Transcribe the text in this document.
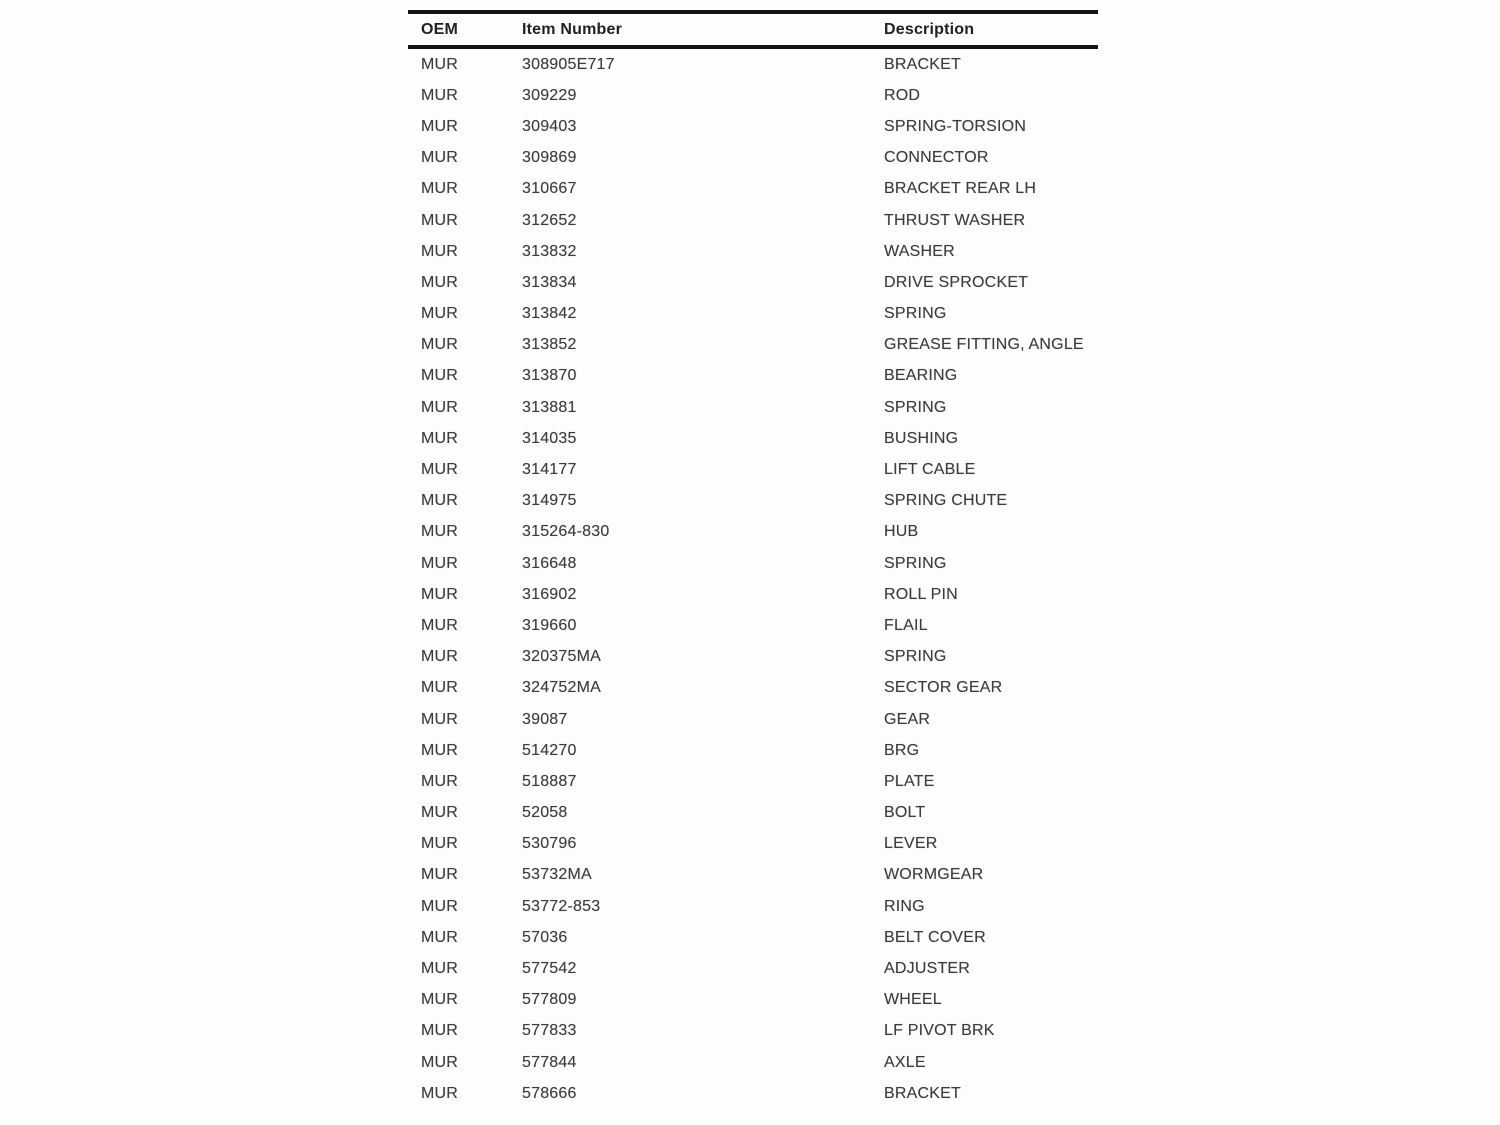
OEM	Item Number	Description
MUR	308905E717	BRACKET
MUR	309229	ROD
MUR	309403	SPRING-TORSION
MUR	309869	CONNECTOR
MUR	310667	BRACKET REAR LH
MUR	312652	THRUST WASHER
MUR	313832	WASHER
MUR	313834	DRIVE SPROCKET
MUR	313842	SPRING
MUR	313852	GREASE FITTING, ANGLE
MUR	313870	BEARING
MUR	313881	SPRING
MUR	314035	BUSHING
MUR	314177	LIFT CABLE
MUR	314975	SPRING CHUTE
MUR	315264-830	HUB
MUR	316648	SPRING
MUR	316902	ROLL PIN
MUR	319660	FLAIL
MUR	320375MA	SPRING
MUR	324752MA	SECTOR GEAR
MUR	39087	GEAR
MUR	514270	BRG
MUR	518887	PLATE
MUR	52058	BOLT
MUR	530796	LEVER
MUR	53732MA	WORMGEAR
MUR	53772-853	RING
MUR	57036	BELT COVER
MUR	577542	ADJUSTER
MUR	577809	WHEEL
MUR	577833	LF PIVOT BRK
MUR	577844	AXLE
MUR	578666	BRACKET
